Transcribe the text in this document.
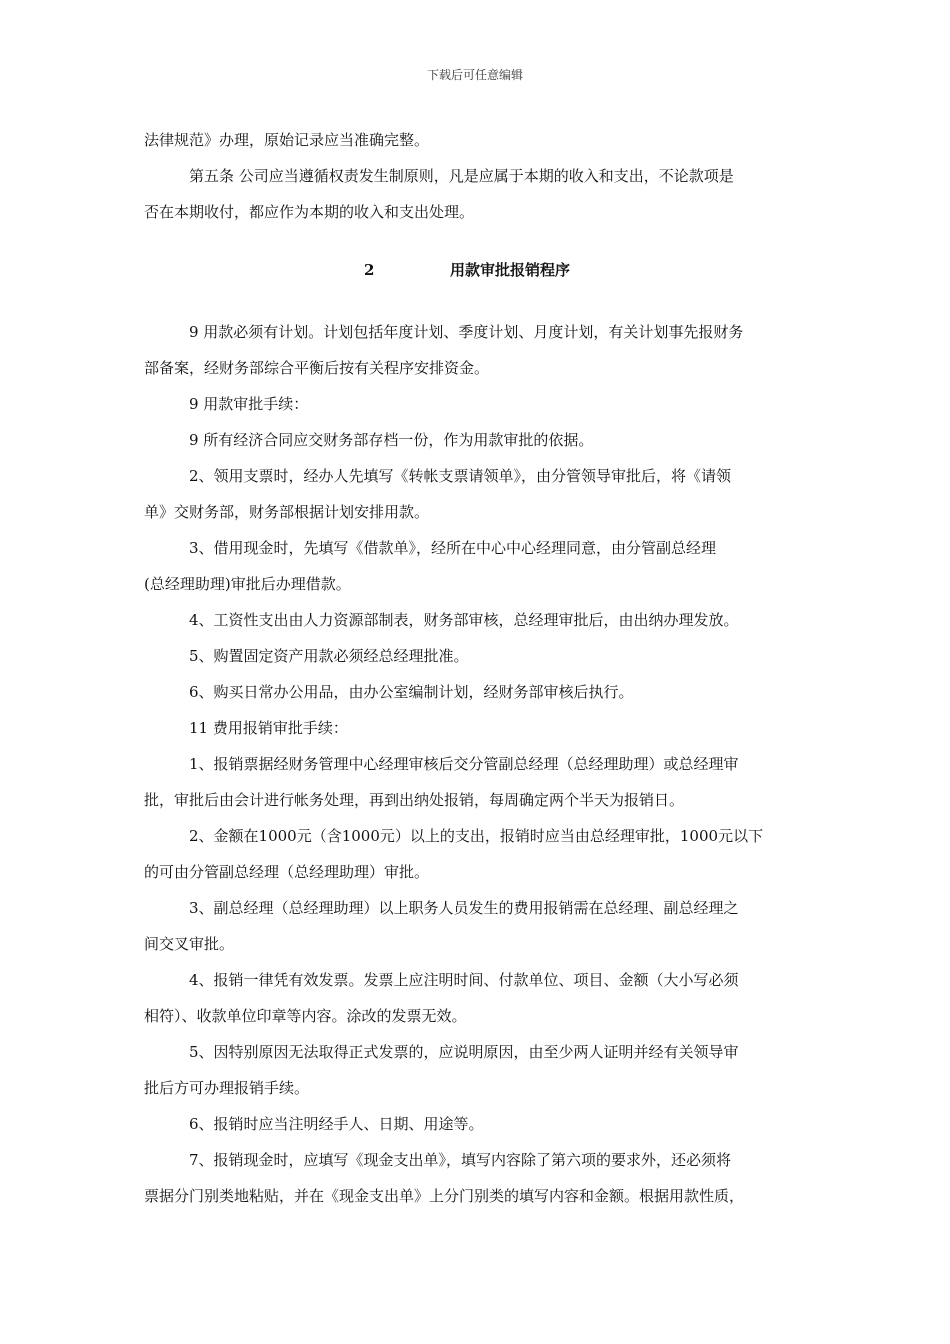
下载后可任意编辑

法律规范》办理，原始记录应当准确完整。

第五条 公司应当遵循权责发生制原则，凡是应属于本期的收入和支出，不论款项是

否在本期收付，都应作为本期的收入和支出处理。

2	用款审批报销程序

9 用款必须有计划。计划包括年度计划、季度计划、月度计划，有关计划事先报财务

部备案，经财务部综合平衡后按有关程序安排资金。

9 用款审批手续：

9 所有经济合同应交财务部存档一份，作为用款审批的依据。

2、领用支票时，经办人先填写《转帐支票请领单》，由分管领导审批后，将《请领

单》交财务部，财务部根据计划安排用款。

3、借用现金时，先填写《借款单》，经所在中心中心经理同意，由分管副总经理

(总经理助理)审批后办理借款。

4、工资性支出由人力资源部制表，财务部审核，总经理审批后，由出纳办理发放。

5、购置固定资产用款必须经总经理批准。

6、购买日常办公用品，由办公室编制计划，经财务部审核后执行。

11 费用报销审批手续：

1、报销票据经财务管理中心经理审核后交分管副总经理（总经理助理）或总经理审

批，审批后由会计进行帐务处理，再到出纳处报销，每周确定两个半天为报销日。

2、金额在1000元（含1000元）以上的支出，报销时应当由总经理审批，1000元以下

的可由分管副总经理（总经理助理）审批。

3、副总经理（总经理助理）以上职务人员发生的费用报销需在总经理、副总经理之

间交叉审批。

4、报销一律凭有效发票。发票上应注明时间、付款单位、项目、金额（大小写必须

相符）、收款单位印章等内容。涂改的发票无效。

5、因特别原因无法取得正式发票的，应说明原因，由至少两人证明并经有关领导审

批后方可办理报销手续。

6、报销时应当注明经手人、日期、用途等。

7、报销现金时，应填写《现金支出单》，填写内容除了第六项的要求外，还必须将

票据分门别类地粘贴，并在《现金支出单》上分门别类的填写内容和金额。根据用款性质，
